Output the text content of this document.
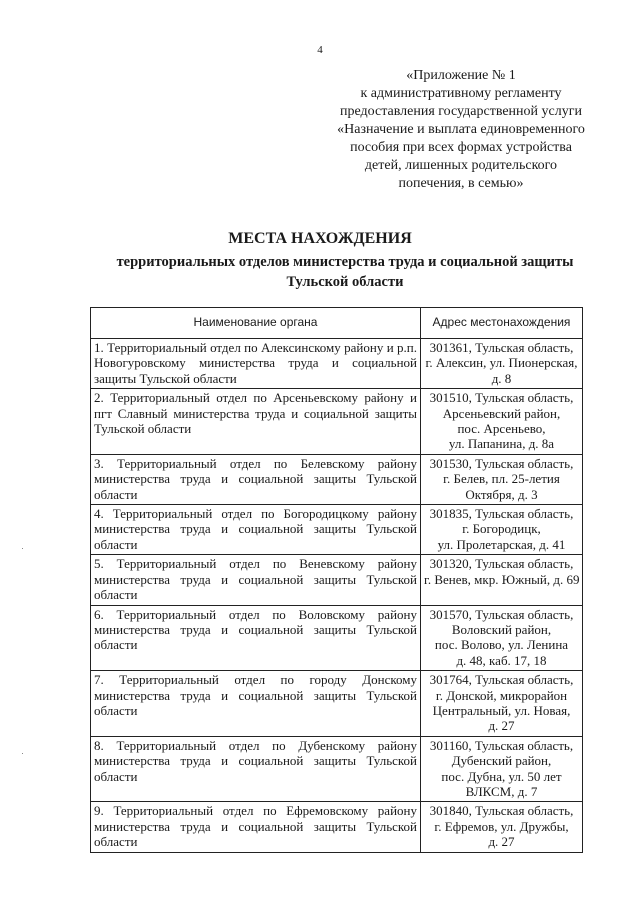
4
«Приложение № 1
к административному регламенту
предоставления государственной услуги
«Назначение и выплата единовременного
пособия при всех формах устройства
детей, лишенных родительского
попечения, в семью»
МЕСТА НАХОЖДЕНИЯ
территориальных отделов министерства труда и социальной защиты Тульской области
Наименование органа	Адрес местонахождения
1. Территориальный отдел по Алексинскому району и р.п. Новогуровскому министерства труда и социальной защиты Тульской области	301361, Тульская область,
г. Алексин, ул. Пионерская,
д. 8

2. Территориальный отдел по Арсеньевскому району и пгт Славный министерства труда и социальной защиты Тульской области	301510, Тульская область,
Арсеньевский район,
пос. Арсеньево,
ул. Папанина, д. 8а

3. Территориальный отдел по Белевскому району министерства труда и социальной защиты Тульской области	301530, Тульская область,
г. Белев, пл. 25-летия
Октября, д. 3

4. Территориальный отдел по Богородицкому району министерства труда и социальной защиты Тульской области	301835, Тульская область,
г. Богородицк,
ул. Пролетарская, д. 41

5. Территориальный отдел по Веневскому району министерства труда и социальной защиты Тульской области	301320, Тульская область,
г. Венев, мкр. Южный, д. 69

6. Территориальный отдел по Воловскому району министерства труда и социальной защиты Тульской области	301570, Тульская область,
Воловский район,
пос. Волово, ул. Ленина
д. 48, каб. 17, 18

7. Территориальный отдел по городу Донскому министерства труда и социальной защиты Тульской области	301764, Тульская область,
г. Донской, микрорайон
Центральный, ул. Новая,
д. 27

8. Территориальный отдел по Дубенскому району министерства труда и социальной защиты Тульской области	301160, Тульская область,
Дубенский район,
пос. Дубна, ул. 50 лет
ВЛКСМ, д. 7

9. Территориальный отдел по Ефремовскому району министерства труда и социальной защиты Тульской области	301840, Тульская область,
г. Ефремов, ул. Дружбы,
д. 27
